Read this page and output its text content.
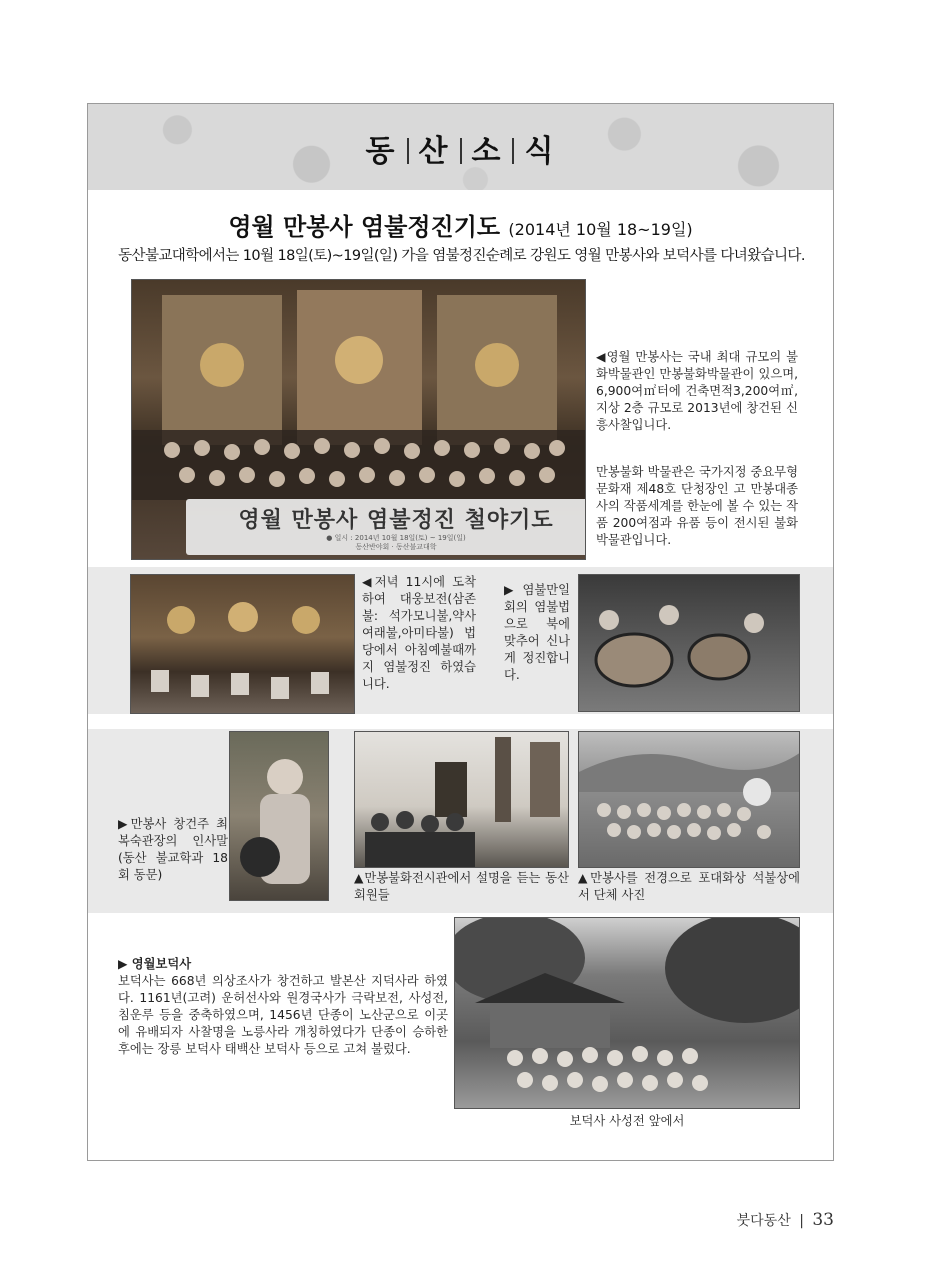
동 산 소 식
영월 만봉사 염불정진기도 (2014년 10월 18~19일)
동산불교대학에서는 10월 18일(토)~19일(일) 가을 염불정진순례로 강원도 영월 만봉사와 보덕사를 다녀왔습니다.
영월 만봉사 염불정진 철야기도
● 일시 : 2014년 10월 18일(토) ~ 19일(일)
동산반야회 · 동산불교대학
◀영월 만봉사는 국내 최대 규모의 불화박물관인 만봉불화박물관이 있으며, 6,900여㎡터에 건축면적3,200여㎡, 지상 2층 규모로 2013년에 창건된 신흥사찰입니다.
만봉불화 박물관은 국가지정 중요무형문화재 제48호 단청장인 고 만봉대종사의 작품세계를 한눈에 볼 수 있는 작품 200여점과 유품 등이 전시된 불화박물관입니다.
◀저녁 11시에 도착하여 대웅보전(삼존불: 석가모니불,약사여래불,아미타불) 법당에서 아침예불때까지 염불정진 하였습니다.
▶염불만일회의 염불법으로 북에 맞추어 신나게 정진합니다.
▶만봉사 창건주 최복숙관장의 인사말 (동산 불교학과 18회 동문)	▲만봉불화전시관에서 설명을 듣는 동산회원들
▲만봉사를 전경으로 포대화상 석불상에서 단체 사진
▶ 영월보덕사
보덕사는 668년 의상조사가 창건하고 발본산 지덕사라 하였다. 1161년(고려) 운허선사와 원경국사가 극락보전, 사성전, 침운루 등을 중축하였으며, 1456년 단종이 노산군으로 이곳에 유배되자 사찰명을 노릉사라 개칭하였다가 단종이 승하한 후에는 장릉 보덕사 태백산 보덕사 등으로 고쳐 불렀다.
보덕사 사성전 앞에서
붓다동산 | 33
